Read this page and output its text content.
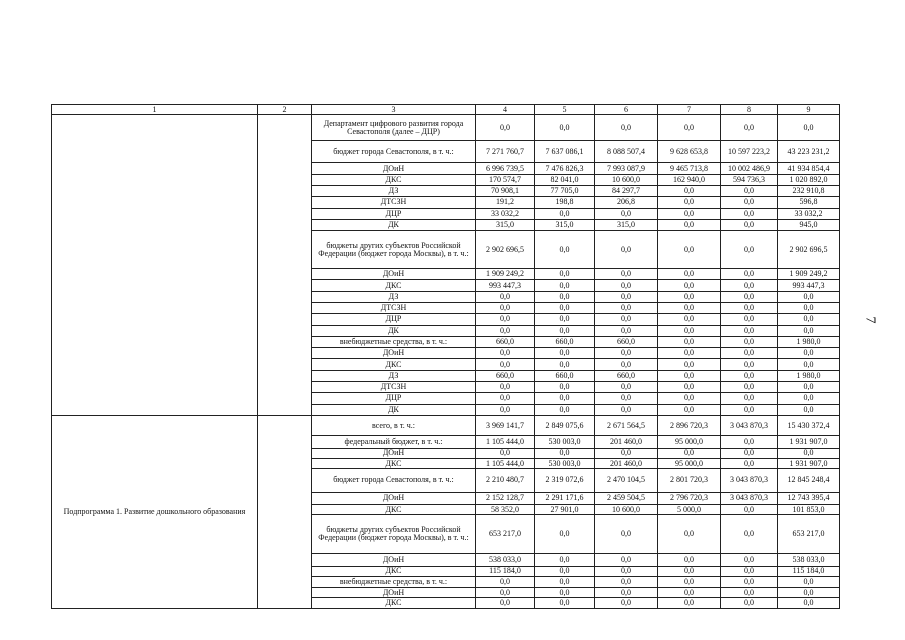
1	2	3	4	5	6	7	8	9
		Департамент цифрового развития города Севастополя (далее – ДЦР)	0,0	0,0	0,0	0,0	0,0	0,0
		бюджет города Севастополя, в т. ч.:	7 271 760,7	7 637 086,1	8 088 507,4	9 628 653,8	10 597 223,2	43 223 231,2
		ДОиН	6 996 739,5	7 476 826,3	7 993 087,9	9 465 713,8	10 002 486,9	41 934 854,4
		ДКС	170 574,7	82 041,0	10 600,0	162 940,0	594 736,3	1 020 892,0
		ДЗ	70 908,1	77 705,0	84 297,7	0,0	0,0	232 910,8
		ДТСЗН	191,2	198,8	206,8	0,0	0,0	596,8
		ДЦР	33 032,2	0,0	0,0	0,0	0,0	33 032,2
		ДК	315,0	315,0	315,0	0,0	0,0	945,0
		бюджеты других субъектов Российской Федерации (бюджет города Москвы), в т. ч.:	2 902 696,5	0,0	0,0	0,0	0,0	2 902 696,5
		ДОиН	1 909 249,2	0,0	0,0	0,0	0,0	1 909 249,2
		ДКС	993 447,3	0,0	0,0	0,0	0,0	993 447,3
		ДЗ	0,0	0,0	0,0	0,0	0,0	0,0
		ДТСЗН	0,0	0,0	0,0	0,0	0,0	0,0
		ДЦР	0,0	0,0	0,0	0,0	0,0	0,0
		ДК	0,0	0,0	0,0	0,0	0,0	0,0
		внебюджетные средства, в т. ч.:	660,0	660,0	660,0	0,0	0,0	1 980,0
		ДОиН	0,0	0,0	0,0	0,0	0,0	0,0
		ДКС	0,0	0,0	0,0	0,0	0,0	0,0
		ДЗ	660,0	660,0	660,0	0,0	0,0	1 980,0
		ДТСЗН	0,0	0,0	0,0	0,0	0,0	0,0
		ДЦР	0,0	0,0	0,0	0,0	0,0	0,0
		ДК	0,0	0,0	0,0	0,0	0,0	0,0
Подпрограмма 1. Развитие дошкольного образования		всего, в т. ч.:	3 969 141,7	2 849 075,6	2 671 564,5	2 896 720,3	3 043 870,3	15 430 372,4
		федеральный бюджет, в т. ч.:	1 105 444,0	530 003,0	201 460,0	95 000,0	0,0	1 931 907,0
		ДОиН	0,0	0,0	0,0	0,0	0,0	0,0
		ДКС	1 105 444,0	530 003,0	201 460,0	95 000,0	0,0	1 931 907,0
		бюджет города Севастополя, в т. ч.:	2 210 480,7	2 319 072,6	2 470 104,5	2 801 720,3	3 043 870,3	12 845 248,4
		ДОиН	2 152 128,7	2 291 171,6	2 459 504,5	2 796 720,3	3 043 870,3	12 743 395,4
		ДКС	58 352,0	27 901,0	10 600,0	5 000,0	0,0	101 853,0
		бюджеты других субъектов Российской Федерации (бюджет города Москвы), в т. ч.:	653 217,0	0,0	0,0	0,0	0,0	653 217,0
		ДОиН	538 033,0	0,0	0,0	0,0	0,0	538 033,0
		ДКС	115 184,0	0,0	0,0	0,0	0,0	115 184,0
		внебюджетные средства, в т. ч.:	0,0	0,0	0,0	0,0	0,0	0,0
		ДОиН	0,0	0,0	0,0	0,0	0,0	0,0
		ДКС	0,0	0,0	0,0	0,0	0,0	0,0
7
